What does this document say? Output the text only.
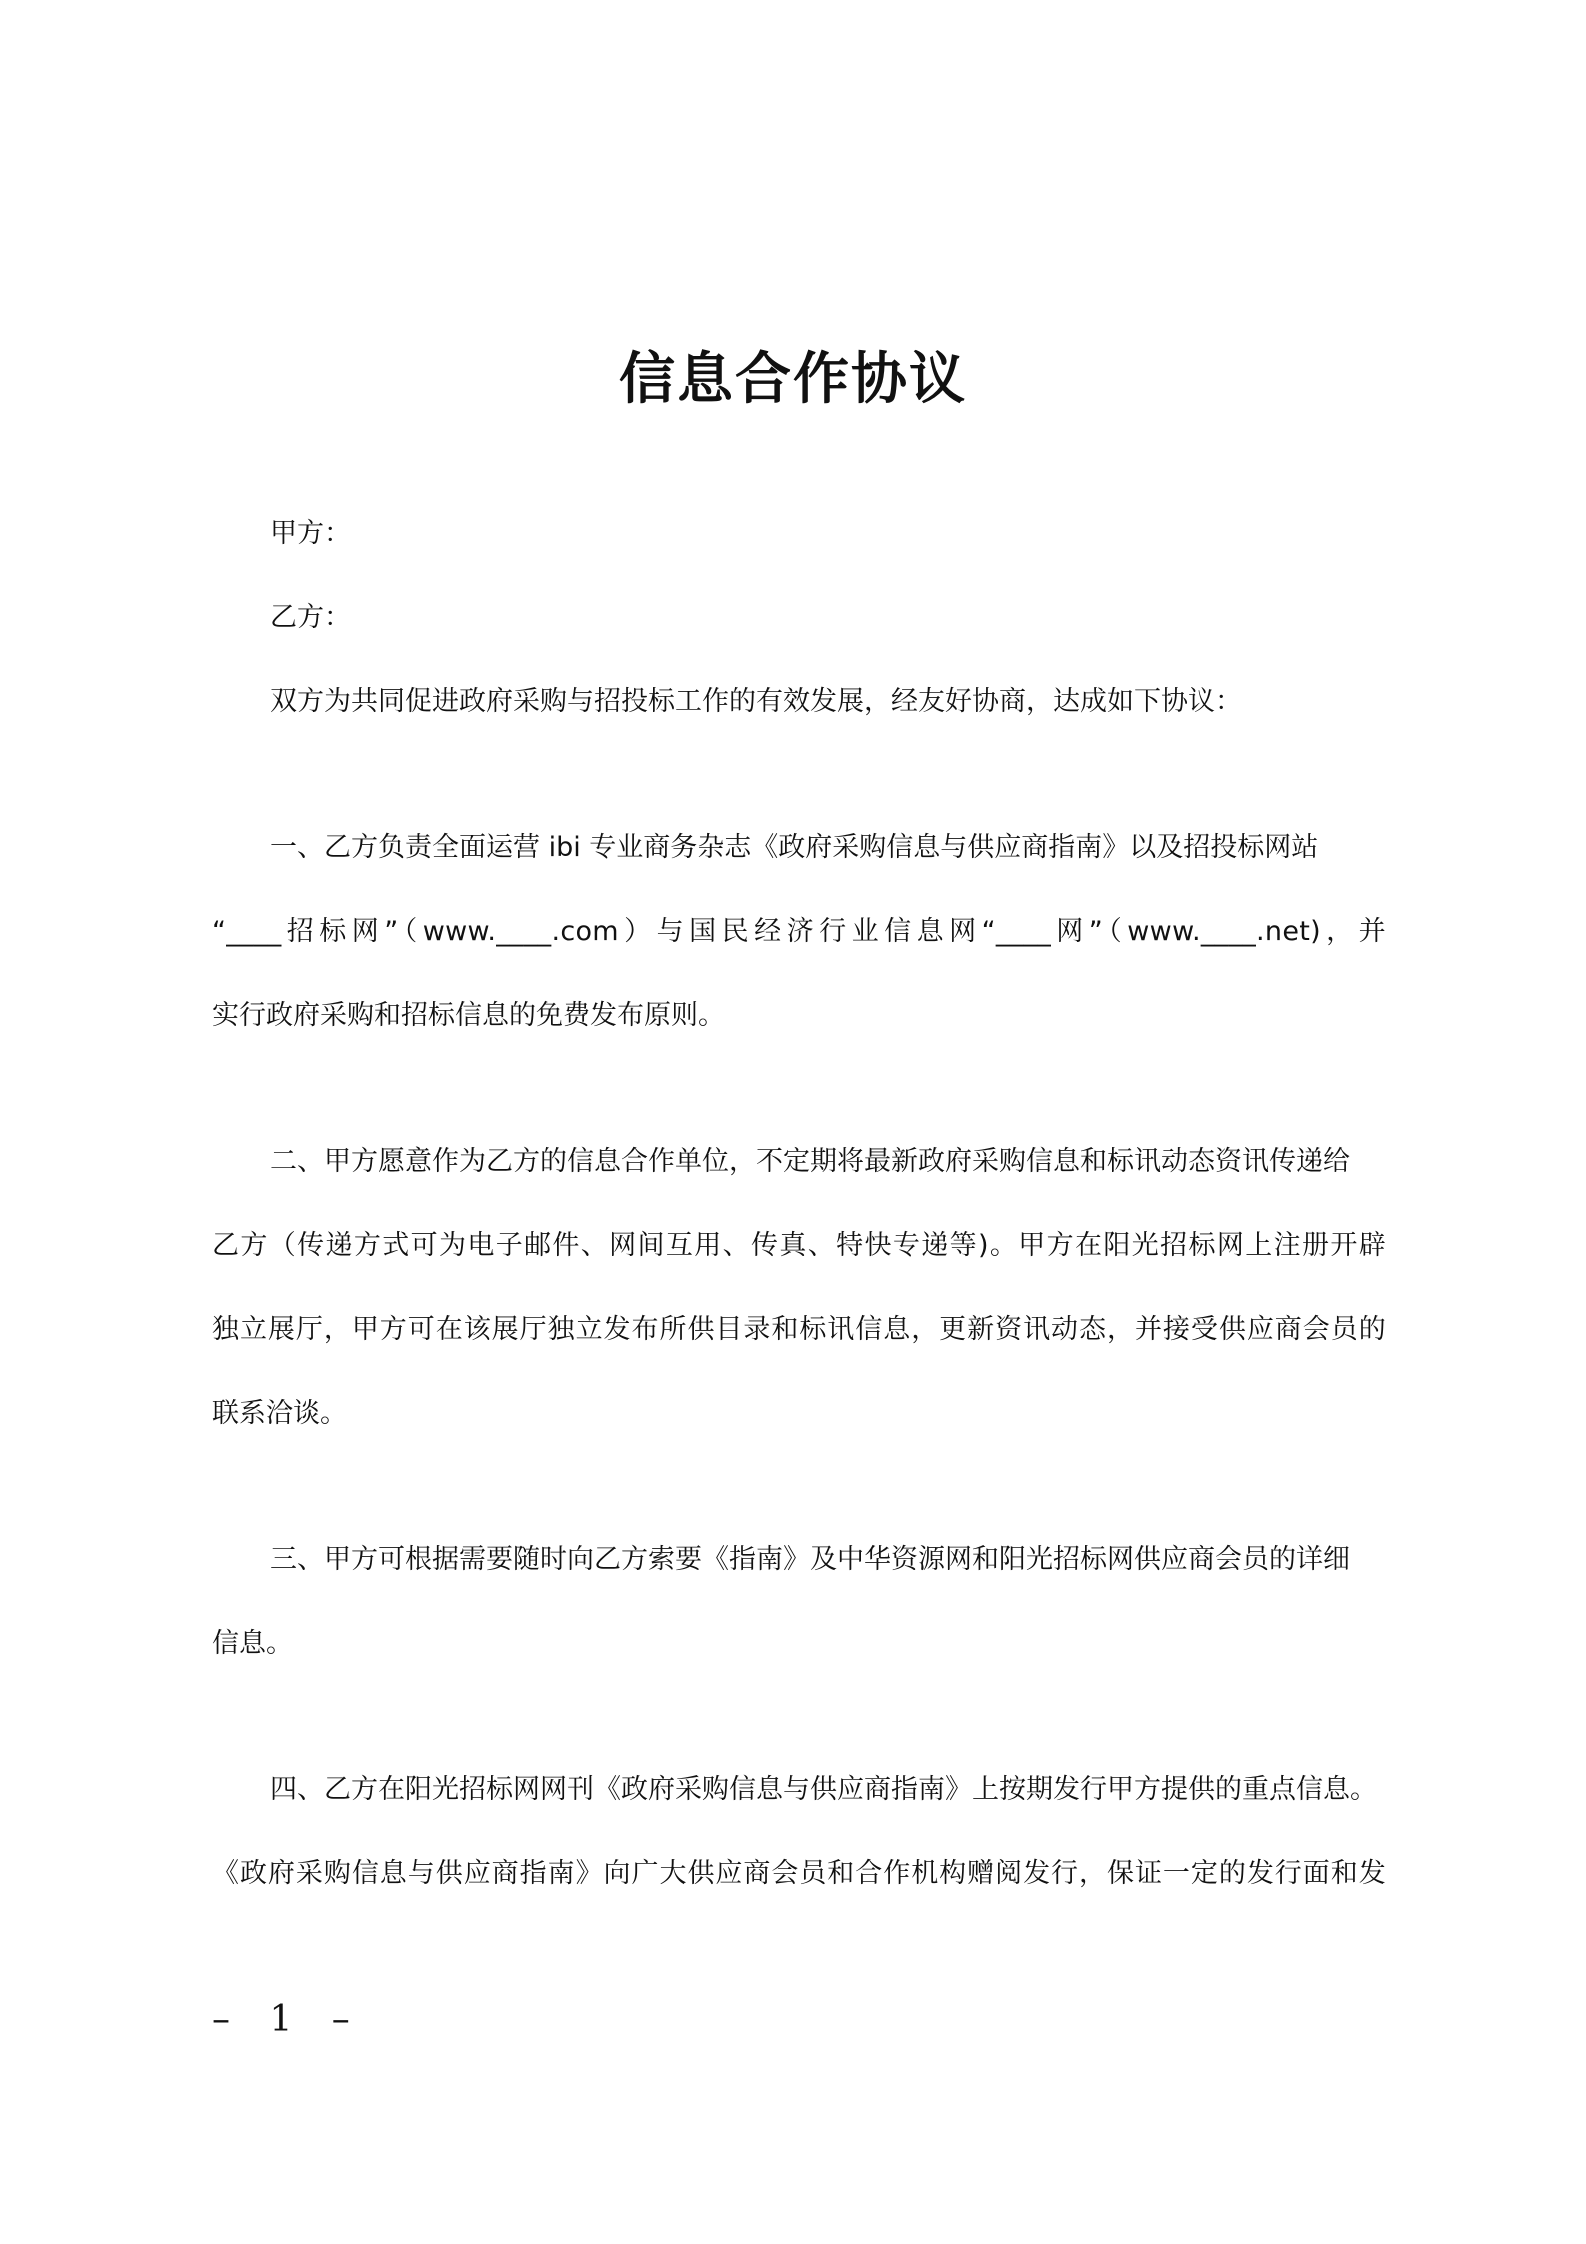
信息合作协议

甲方：

乙方：

双方为共同促进政府采购与招投标工作的有效发展，经友好协商，达成如下协议：

一、乙方负责全面运营 ibi 专业商务杂志《政府采购信息与供应商指南》以及招投标网站

“____招标网”（www.____.com）与国民经济行业信息网“____网”（www.____.net)，并

实行政府采购和招标信息的免费发布原则。

二、甲方愿意作为乙方的信息合作单位，不定期将最新政府采购信息和标讯动态资讯传递给

乙方（传递方式可为电子邮件、网间互用、传真、特快专递等)。甲方在阳光招标网上注册开辟

独立展厅，甲方可在该展厅独立发布所供目录和标讯信息，更新资讯动态，并接受供应商会员的

联系洽谈。

三、甲方可根据需要随时向乙方索要《指南》及中华资源网和阳光招标网供应商会员的详细

信息。

四、乙方在阳光招标网网刊《政府采购信息与供应商指南》上按期发行甲方提供的重点信息。

《政府采购信息与供应商指南》向广大供应商会员和合作机构赠阅发行，保证一定的发行面和发

– 1 –
